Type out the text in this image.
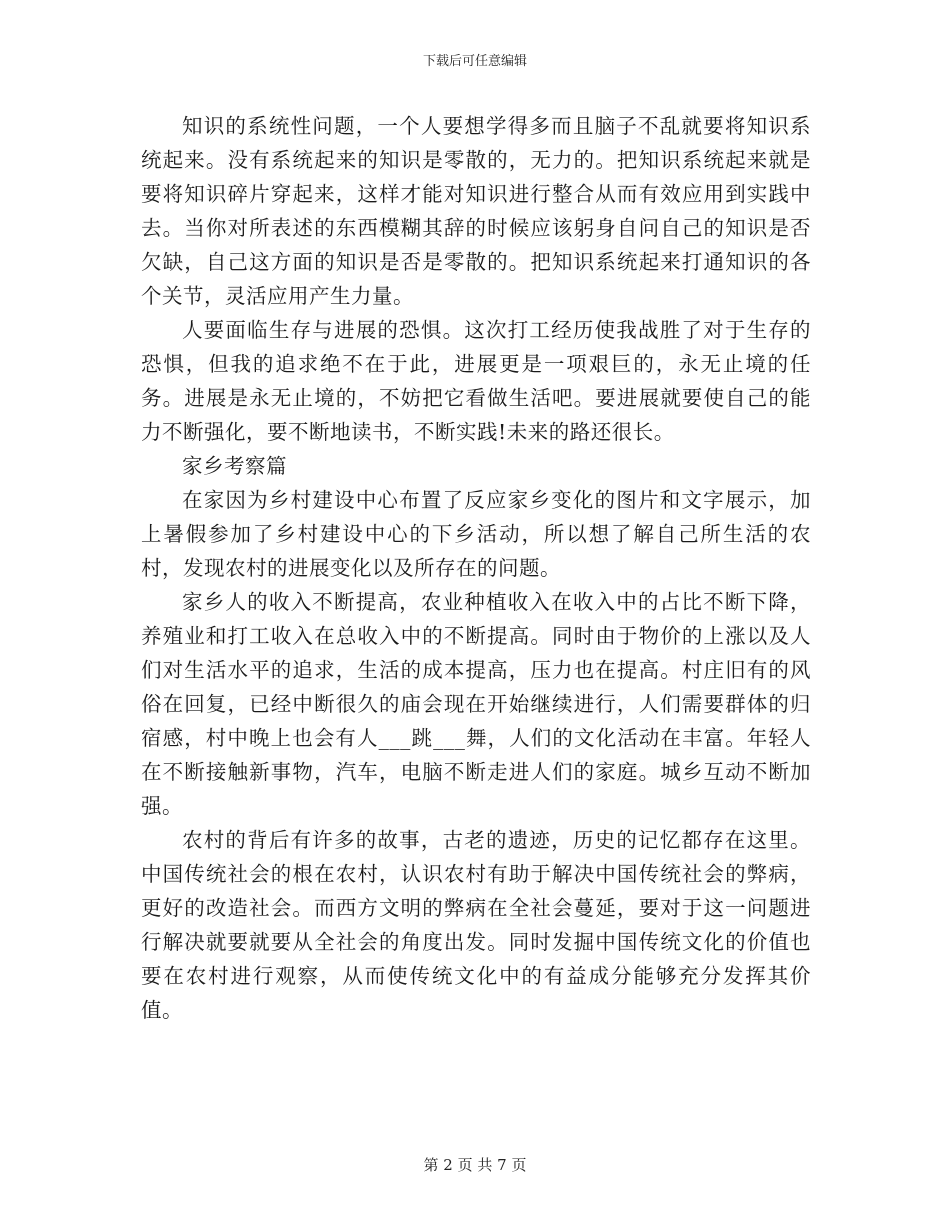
下载后可任意编辑

知识的系统性问题，一个人要想学得多而且脑子不乱就要将知识系统起来。没有系统起来的知识是零散的，无力的。把知识系统起来就是要将知识碎片穿起来，这样才能对知识进行整合从而有效应用到实践中去。当你对所表述的东西模糊其辞的时候应该躬身自问自己的知识是否欠缺，自己这方面的知识是否是零散的。把知识系统起来打通知识的各个关节，灵活应用产生力量。

人要面临生存与进展的恐惧。这次打工经历使我战胜了对于生存的恐惧，但我的追求绝不在于此，进展更是一项艰巨的，永无止境的任务。进展是永无止境的，不妨把它看做生活吧。要进展就要使自己的能力不断强化，要不断地读书，不断实践!未来的路还很长。

家乡考察篇

在家因为乡村建设中心布置了反应家乡变化的图片和文字展示，加上暑假参加了乡村建设中心的下乡活动，所以想了解自己所生活的农村，发现农村的进展变化以及所存在的问题。

家乡人的收入不断提高，农业种植收入在收入中的占比不断下降，养殖业和打工收入在总收入中的不断提高。同时由于物价的上涨以及人们对生活水平的追求，生活的成本提高，压力也在提高。村庄旧有的风俗在回复，已经中断很久的庙会现在开始继续进行，人们需要群体的归宿感，村中晚上也会有人___跳___舞，人们的文化活动在丰富。年轻人在不断接触新事物，汽车，电脑不断走进人们的家庭。城乡互动不断加强。

农村的背后有许多的故事，古老的遗迹，历史的记忆都存在这里。中国传统社会的根在农村，认识农村有助于解决中国传统社会的弊病，更好的改造社会。而西方文明的弊病在全社会蔓延，要对于这一问题进行解决就要就要从全社会的角度出发。同时发掘中国传统文化的价值也要在农村进行观察，从而使传统文化中的有益成分能够充分发挥其价值。

第 2 页 共 7 页
